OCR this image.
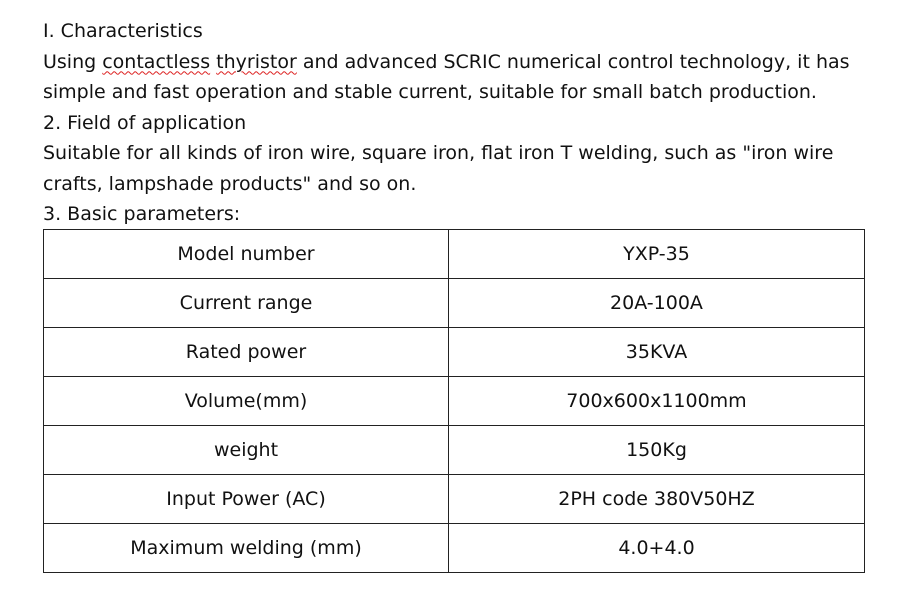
I. Characteristics

Using contactless thyristor and advanced SCRIC numerical control technology, it has

simple and fast operation and stable current, suitable for small batch production.

2. Field of application

Suitable for all kinds of iron wire, square iron, flat iron T welding, such as "iron wire

crafts, lampshade products" and so on.

3. Basic parameters:

Model number	YXP-35
Current range	20A-100A
Rated power	35KVA
Volume(mm)	700x600x1100mm
weight	150Kg
Input Power (AC)	2PH code 380V50HZ
Maximum welding (mm)	4.0+4.0
